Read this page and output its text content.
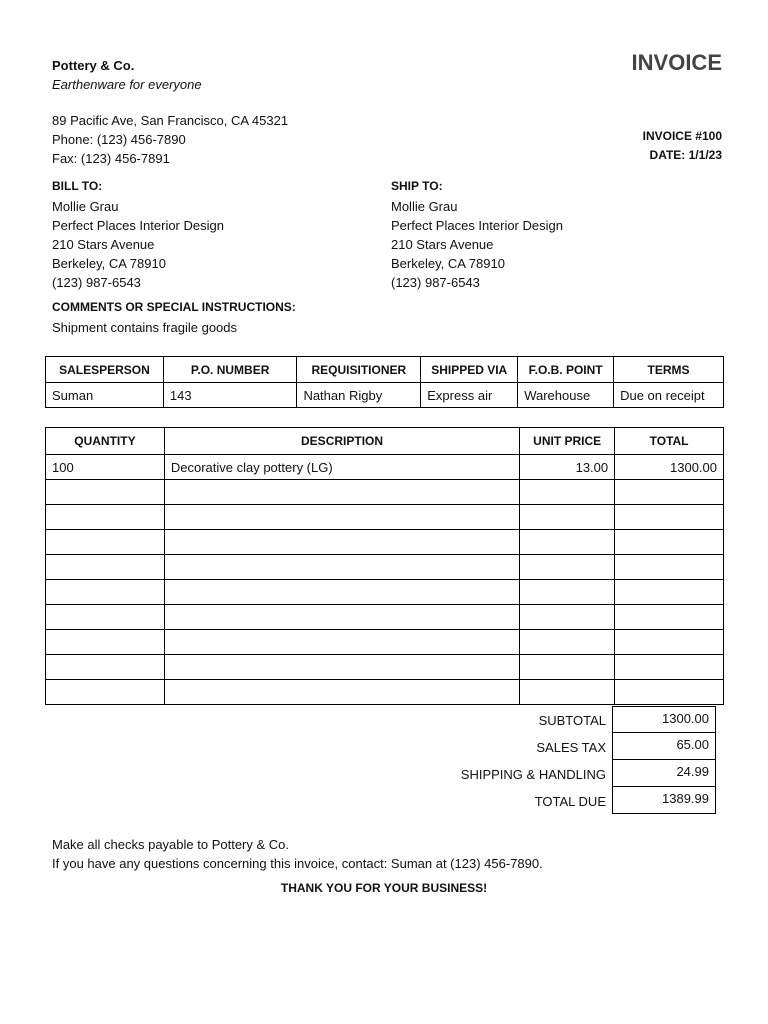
Pottery & Co.
Earthenware for everyone
89 Pacific Ave, San Francisco, CA 45321
Phone: (123) 456-7890
Fax: (123) 456-7891
INVOICE
INVOICE #100
DATE: 1/1/23
BILL TO:
Mollie Grau
Perfect Places Interior Design
210 Stars Avenue
Berkeley, CA 78910
(123) 987-6543
SHIP TO:
Mollie Grau
Perfect Places Interior Design
210 Stars Avenue
Berkeley, CA 78910
(123) 987-6543
COMMENTS OR SPECIAL INSTRUCTIONS:
Shipment contains fragile goods
SALESPERSON	P.O. NUMBER	REQUISITIONER	SHIPPED VIA	F.O.B. POINT	TERMS
Suman	143	Nathan Rigby	Express air	Warehouse	Due on receipt
QUANTITY	DESCRIPTION	UNIT PRICE	TOTAL
100	Decorative clay pottery (LG)	13.00	1300.00

SUBTOTAL	1300.00
SALES TAX	65.00
SHIPPING & HANDLING	24.99
TOTAL DUE	1389.99
Make all checks payable to Pottery & Co.
If you have any questions concerning this invoice, contact: Suman at (123) 456-7890.
THANK YOU FOR YOUR BUSINESS!
